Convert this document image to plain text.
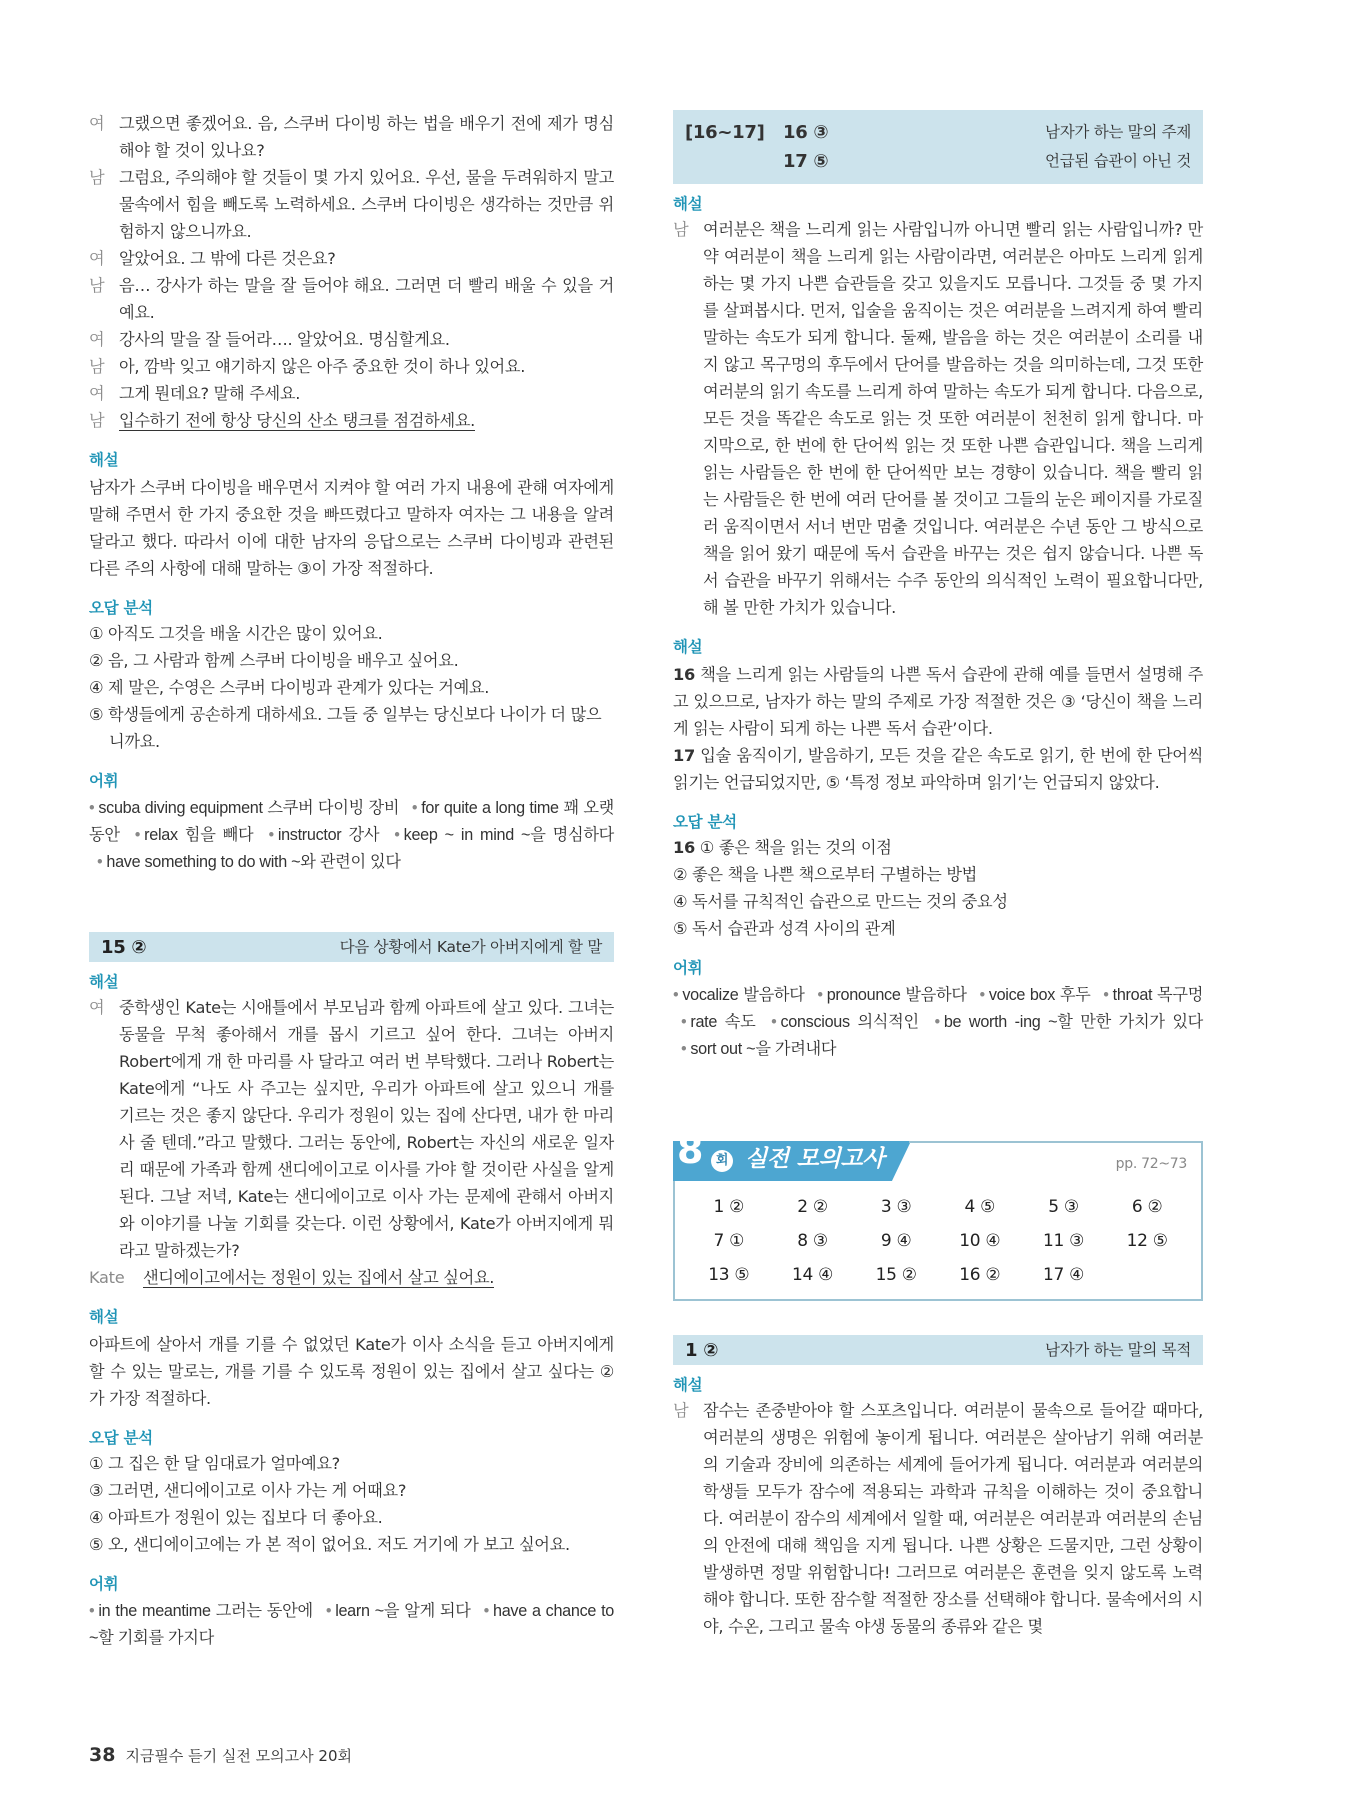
여 그랬으면 좋겠어요. 음, 스쿠버 다이빙 하는 법을 배우기 전에 제가 명심해야 할 것이 있나요?
남 그럼요, 주의해야 할 것들이 몇 가지 있어요. 우선, 물을 두려워하지 말고 물속에서 힘을 빼도록 노력하세요. 스쿠버 다이빙은 생각하는 것만큼 위험하지 않으니까요.
여 알았어요. 그 밖에 다른 것은요?
남 음… 강사가 하는 말을 잘 들어야 해요. 그러면 더 빨리 배울 수 있을 거예요.
여 강사의 말을 잘 들어라…. 알았어요. 명심할게요.
남 아, 깜박 잊고 얘기하지 않은 아주 중요한 것이 하나 있어요.
여 그게 뭔데요? 말해 주세요.
남 입수하기 전에 항상 당신의 산소 탱크를 점검하세요.
해설

남자가 스쿠버 다이빙을 배우면서 지켜야 할 여러 가지 내용에 관해 여자에게 말해 주면서 한 가지 중요한 것을 빠뜨렸다고 말하자 여자는 그 내용을 알려 달라고 했다. 따라서 이에 대한 남자의 응답으로는 스쿠버 다이빙과 관련된 다른 주의 사항에 대해 말하는 ③이 가장 적절하다.

오답 분석
① 아직도 그것을 배울 시간은 많이 있어요.
② 음, 그 사람과 함께 스쿠버 다이빙을 배우고 싶어요.
④ 제 말은, 수영은 스쿠버 다이빙과 관계가 있다는 거예요.
⑤ 학생들에게 공손하게 대하세요. 그들 중 일부는 당신보다 나이가 더 많으니까요.
어휘

• scuba diving equipment 스쿠버 다이빙 장비 • for quite a long time 꽤 오랫동안 • relax 힘을 빼다 • instructor 강사 • keep ~ in mind ~을 명심하다 • have something to do with ~와 관련이 있다

15 ②	다음 상황에서 Kate가 아버지에게 할 말
해설
여 중학생인 Kate는 시애틀에서 부모님과 함께 아파트에 살고 있다. 그녀는 동물을 무척 좋아해서 개를 몹시 기르고 싶어 한다. 그녀는 아버지 Robert에게 개 한 마리를 사 달라고 여러 번 부탁했다. 그러나 Robert는 Kate에게 “나도 사 주고는 싶지만, 우리가 아파트에 살고 있으니 개를 기르는 것은 좋지 않단다. 우리가 정원이 있는 집에 산다면, 내가 한 마리 사 줄 텐데.”라고 말했다. 그러는 동안에, Robert는 자신의 새로운 일자리 때문에 가족과 함께 샌디에이고로 이사를 가야 할 것이란 사실을 알게 된다. 그날 저녁, Kate는 샌디에이고로 이사 가는 문제에 관해서 아버지와 이야기를 나눌 기회를 갖는다. 이런 상황에서, Kate가 아버지에게 뭐라고 말하겠는가?
Kate	샌디에이고에서는 정원이 있는 집에서 살고 싶어요.
해설

아파트에 살아서 개를 기를 수 없었던 Kate가 이사 소식을 듣고 아버지에게 할 수 있는 말로는, 개를 기를 수 있도록 정원이 있는 집에서 살고 싶다는 ②가 가장 적절하다.

오답 분석
① 그 집은 한 달 임대료가 얼마예요?
③ 그러면, 샌디에이고로 이사 가는 게 어때요?
④ 아파트가 정원이 있는 집보다 더 좋아요.
⑤ 오, 샌디에이고에는 가 본 적이 없어요. 저도 거기에 가 보고 싶어요.
어휘

• in the meantime 그러는 동안에 • learn ~을 알게 되다 • have a chance to ~할 기회를 가지다

[16~17] 16 ③	남자가 하는 말의 주제
17 ⑤	언급된 습관이 아닌 것
해설
남 여러분은 책을 느리게 읽는 사람입니까 아니면 빨리 읽는 사람입니까? 만약 여러분이 책을 느리게 읽는 사람이라면, 여러분은 아마도 느리게 읽게 하는 몇 가지 나쁜 습관들을 갖고 있을지도 모릅니다. 그것들 중 몇 가지를 살펴봅시다. 먼저, 입술을 움직이는 것은 여러분을 느려지게 하여 빨리 말하는 속도가 되게 합니다. 둘째, 발음을 하는 것은 여러분이 소리를 내지 않고 목구멍의 후두에서 단어를 발음하는 것을 의미하는데, 그것 또한 여러분의 읽기 속도를 느리게 하여 말하는 속도가 되게 합니다. 다음으로, 모든 것을 똑같은 속도로 읽는 것 또한 여러분이 천천히 읽게 합니다. 마지막으로, 한 번에 한 단어씩 읽는 것 또한 나쁜 습관입니다. 책을 느리게 읽는 사람들은 한 번에 한 단어씩만 보는 경향이 있습니다. 책을 빨리 읽는 사람들은 한 번에 여러 단어를 볼 것이고 그들의 눈은 페이지를 가로질러 움직이면서 서너 번만 멈출 것입니다. 여러분은 수년 동안 그 방식으로 책을 읽어 왔기 때문에 독서 습관을 바꾸는 것은 쉽지 않습니다. 나쁜 독서 습관을 바꾸기 위해서는 수주 동안의 의식적인 노력이 필요합니다만, 해 볼 만한 가치가 있습니다.
해설

16 책을 느리게 읽는 사람들의 나쁜 독서 습관에 관해 예를 들면서 설명해 주고 있으므로, 남자가 하는 말의 주제로 가장 적절한 것은 ③ ‘당신이 책을 느리게 읽는 사람이 되게 하는 나쁜 독서 습관’이다.

17 입술 움직이기, 발음하기, 모든 것을 같은 속도로 읽기, 한 번에 한 단어씩 읽기는 언급되었지만, ⑤ ‘특정 정보 파악하며 읽기’는 언급되지 않았다.

오답 분석
16 ① 좋은 책을 읽는 것의 이점
② 좋은 책을 나쁜 책으로부터 구별하는 방법
④ 독서를 규칙적인 습관으로 만드는 것의 중요성
⑤ 독서 습관과 성격 사이의 관계
어휘

• vocalize 발음하다 • pronounce 발음하다 • voice box 후두 • throat 목구멍 • rate 속도 • conscious 의식적인 • be worth -ing ~할 만한 가치가 있다 • sort out ~을 가려내다

8 회 실전 모의고사	pp. 72~73
1 ②	2 ②	3 ③	4 ⑤	5 ③	6 ②
7 ①	8 ③	9 ④	10 ④	11 ③	12 ⑤
13 ⑤	14 ④	15 ②	16 ②	17 ④
1 ②	남자가 하는 말의 목적
해설
남 잠수는 존중받아야 할 스포츠입니다. 여러분이 물속으로 들어갈 때마다, 여러분의 생명은 위험에 놓이게 됩니다. 여러분은 살아남기 위해 여러분의 기술과 장비에 의존하는 세계에 들어가게 됩니다. 여러분과 여러분의 학생들 모두가 잠수에 적용되는 과학과 규칙을 이해하는 것이 중요합니다. 여러분이 잠수의 세계에서 일할 때, 여러분은 여러분과 여러분의 손님의 안전에 대해 책임을 지게 됩니다. 나쁜 상황은 드물지만, 그런 상황이 발생하면 정말 위험합니다! 그러므로 여러분은 훈련을 잊지 않도록 노력해야 합니다. 또한 잠수할 적절한 장소를 선택해야 합니다. 물속에서의 시야, 수온, 그리고 물속 야생 동물의 종류와 같은 몇
38 지금필수 듣기 실전 모의고사 20회
